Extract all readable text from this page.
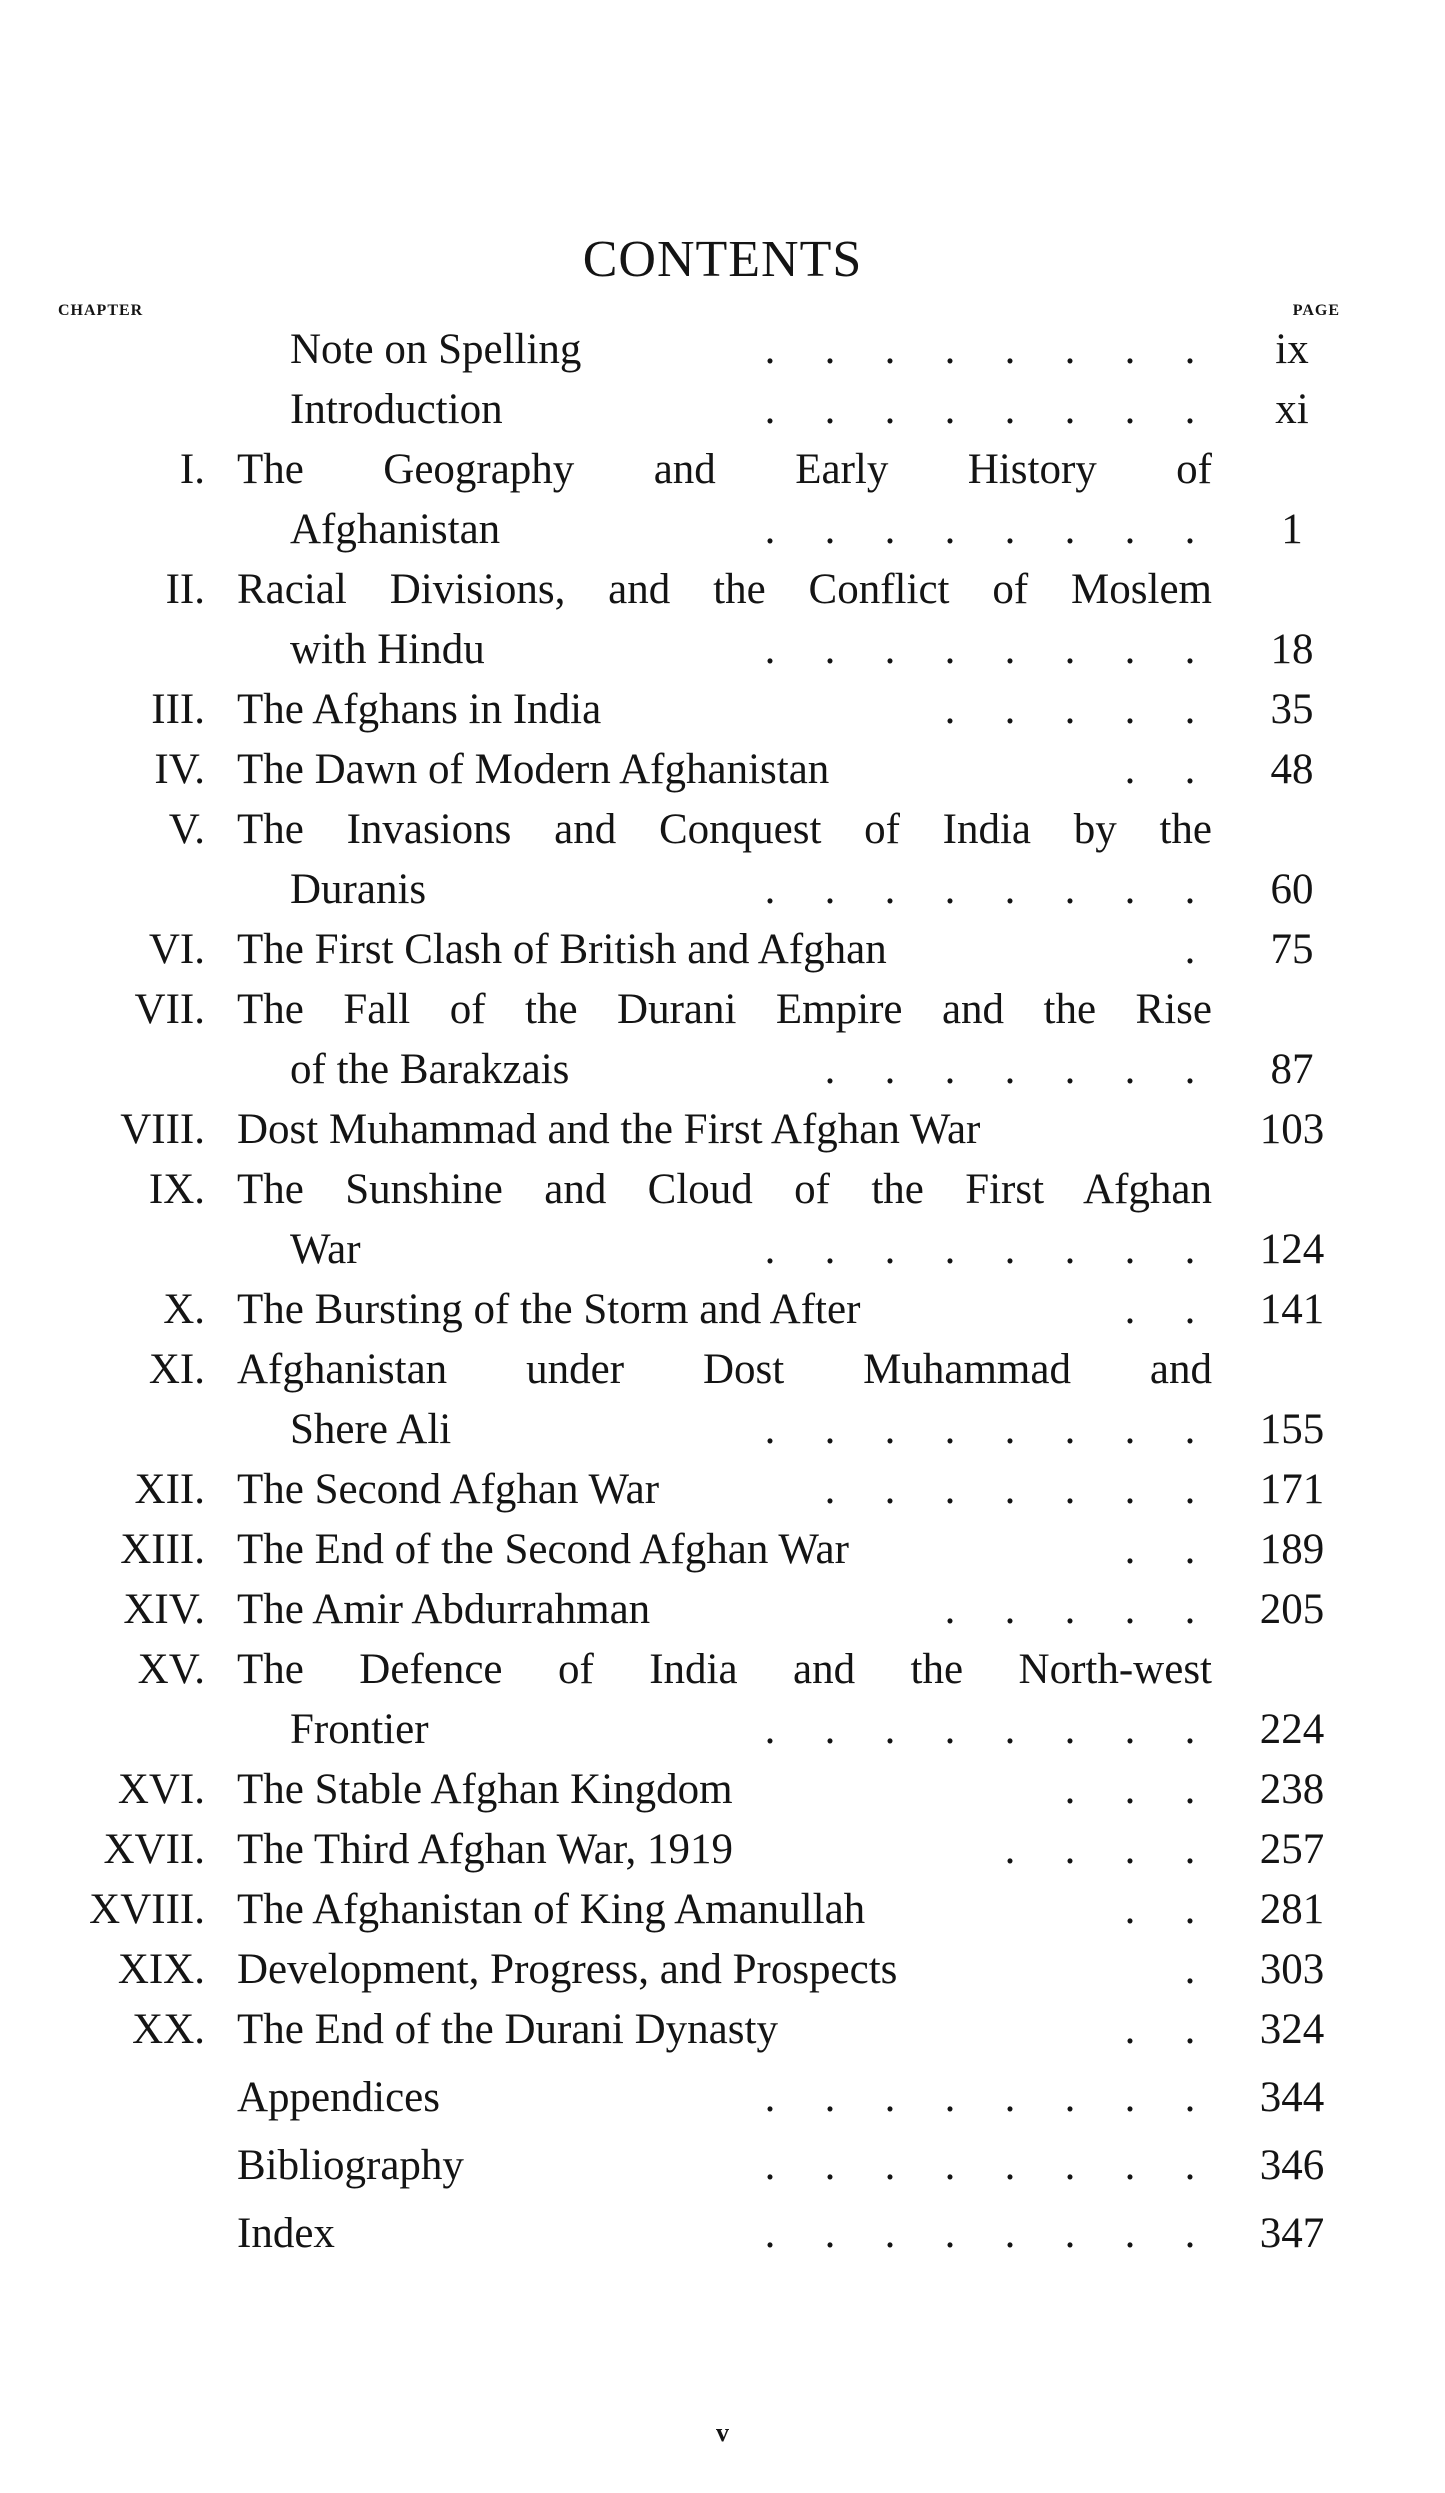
CONTENTS
CHAPTER	PAGE
Note on Spelling	. . . . . . . .	ix
Introduction	. . . . . . . .	xi
I. The Geography and Early History of
Afghanistan	. . . . . . . .	1
II. Racial Divisions, and the Conflict of Moslem
with Hindu	. . . . . . . .	18
III. The Afghans in India	. . . . .	35
IV. The Dawn of Modern Afghanistan	. .	48
V. The Invasions and Conquest of India by the
Duranis	. . . . . . . .	60
VI. The First Clash of British and Afghan	.	75
VII. The Fall of the Durani Empire and the Rise
of the Barakzais	. . . . . . .	87
VIII. Dost Muhammad and the First Afghan War	103
IX. The Sunshine and Cloud of the First Afghan
War	. . . . . . . .	124
X. The Bursting of the Storm and After	. .	141
XI. Afghanistan under Dost Muhammad and
Shere Ali	. . . . . . . .	155
XII. The Second Afghan War	. . . . . . .	171
XIII. The End of the Second Afghan War	. .	189
XIV. The Amir Abdurrahman	. . . . .	205
XV. The Defence of India and the North-west
Frontier	. . . . . . . .	224
XVI. The Stable Afghan Kingdom	. . .	238
XVII. The Third Afghan War, 1919	. . . .	257
XVIII. The Afghanistan of King Amanullah	. .	281
XIX. Development, Progress, and Prospects	.	303
XX. The End of the Durani Dynasty	. .	324
Appendices	. . . . . . . .	344
Bibliography	. . . . . . . .	346
Index	. . . . . . . .	347
v
